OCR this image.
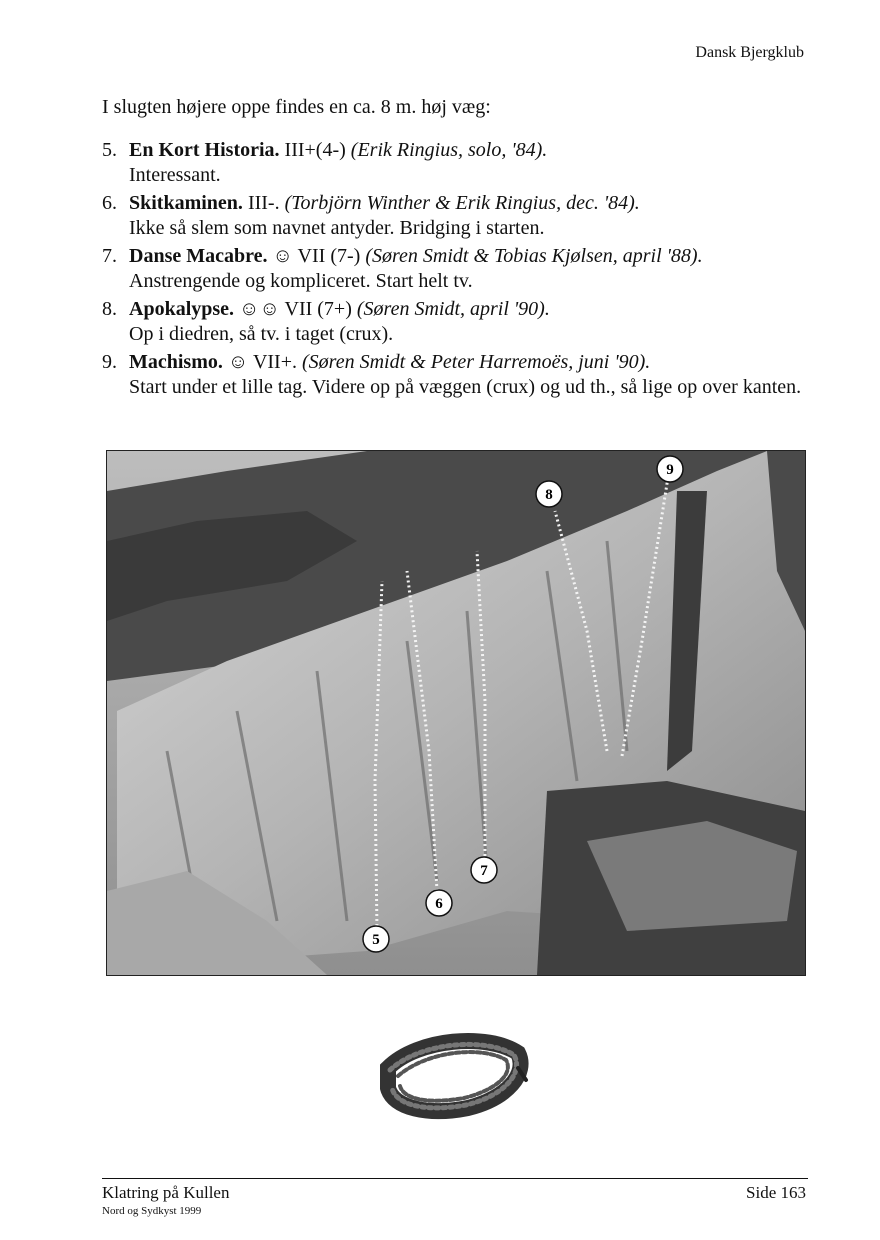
Dansk Bjergklub
I slugten højere oppe findes en ca. 8 m. høj væg:
5. En Kort Historia. III+(4-) (Erik Ringius, solo, '84).
Interessant.
6. Skitkaminen. III-. (Torbjörn Winther & Erik Ringius, dec. '84).
Ikke så slem som navnet antyder. Bridging i starten.
7. Danse Macabre. ☺ VII (7-) (Søren Smidt & Tobias Kjølsen, april '88).
Anstrengende og kompliceret. Start helt tv.
8. Apokalypse. ☺☺ VII (7+) (Søren Smidt, april '90).
Op i diedren, så tv. i taget (crux).
9. Machismo. ☺ VII+. (Søren Smidt & Peter Harremoës, juni '90).
Start under et lille tag. Videre op på væggen (crux) og ud th., så lige op over kanten.
5
6
7
8
9
Klatring på Kullen
Nord og Sydkyst 1999
Side 163
